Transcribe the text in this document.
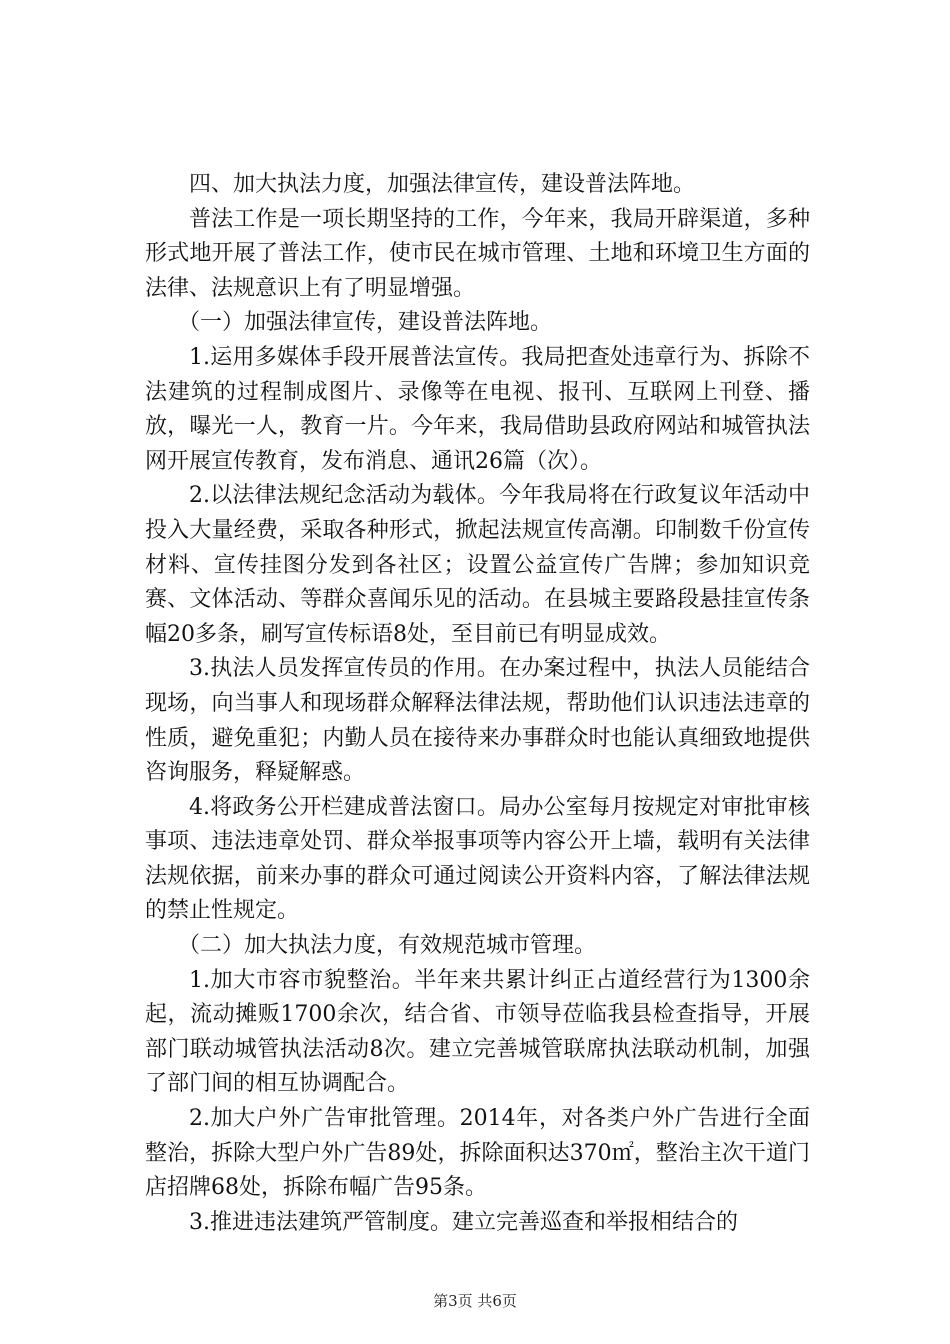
四、加大执法力度，加强法律宣传，建设普法阵地。

普法工作是一项长期坚持的工作，今年来，我局开辟渠道，多种形式地开展了普法工作，使市民在城市管理、土地和环境卫生方面的法律、法规意识上有了明显增强。

（一）加强法律宣传，建设普法阵地。

1.运用多媒体手段开展普法宣传。我局把查处违章行为、拆除不法建筑的过程制成图片、录像等在电视、报刊、互联网上刊登、播放，曝光一人，教育一片。今年来，我局借助县政府网站和城管执法网开展宣传教育，发布消息、通讯26篇（次）。

2.以法律法规纪念活动为载体。今年我局将在行政复议年活动中投入大量经费，采取各种形式，掀起法规宣传高潮。印制数千份宣传材料、宣传挂图分发到各社区；设置公益宣传广告牌；参加知识竞赛、文体活动、等群众喜闻乐见的活动。在县城主要路段悬挂宣传条幅20多条，刷写宣传标语8处，至目前已有明显成效。

3.执法人员发挥宣传员的作用。在办案过程中，执法人员能结合现场，向当事人和现场群众解释法律法规，帮助他们认识违法违章的性质，避免重犯；内勤人员在接待来办事群众时也能认真细致地提供咨询服务，释疑解惑。

4.将政务公开栏建成普法窗口。局办公室每月按规定对审批审核事项、违法违章处罚、群众举报事项等内容公开上墙，载明有关法律法规依据，前来办事的群众可通过阅读公开资料内容，了解法律法规的禁止性规定。

（二）加大执法力度，有效规范城市管理。

1.加大市容市貌整治。半年来共累计纠正占道经营行为1300余起，流动摊贩1700余次，结合省、市领导莅临我县检查指导，开展部门联动城管执法活动8次。建立完善城管联席执法联动机制，加强了部门间的相互协调配合。

2.加大户外广告审批管理。2014年，对各类户外广告进行全面整治，拆除大型户外广告89处，拆除面积达370㎡，整治主次干道门店招牌68处，拆除布幅广告95条。

3.推进违法建筑严管制度。建立完善巡查和举报相结合的

第3页 共6页
